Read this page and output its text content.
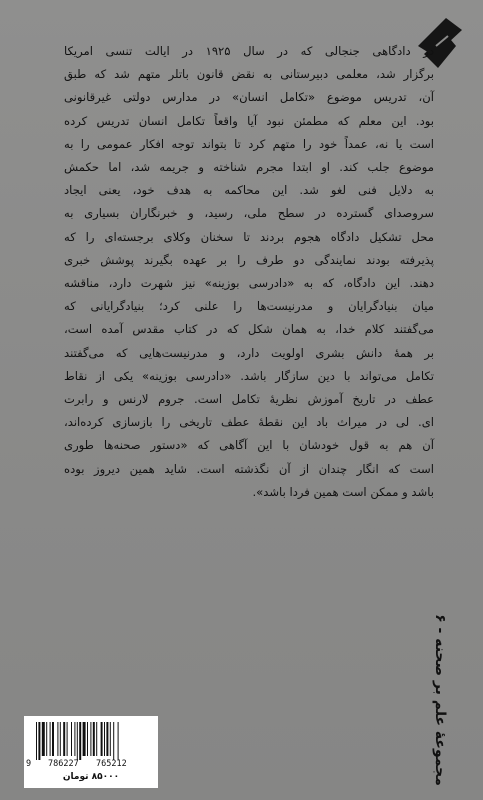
در دادگاهی جنجالی که در سال ۱۹۲۵ در ایالت تنسی امریکا
برگزار شد، معلمی دبیرستانی به نقض قانون باتلر متهم شد که طبق
آن، تدریس موضوع «تکامل انسان» در مدارس دولتی غیرقانونی
بود. این معلم که مطمئن نبود آیا واقعاً تکامل انسان تدریس کرده
است یا نه، عمداً خود را متهم کرد تا بتواند توجه افکار عمومی را به
موضوع جلب کند. او ابتدا مجرم شناخته و جریمه شد، اما حکمش
به دلایل فنی لغو شد. این محاکمه به هدف خود، یعنی ایجاد
سروصدای گسترده در سطح ملی، رسید، و خبرنگاران بسیاری به
محل تشکیل دادگاه هجوم بردند تا سخنان وکلای برجسته‌ای را که
پذیرفته بودند نمایندگی دو طرف را بر عهده بگیرند پوشش خبری
دهند. این دادگاه، که به «دادرسی بوزینه» نیز شهرت دارد، مناقشه
میان بنیادگرایان و مدرنیست‌ها را علنی کرد؛ بنیادگرایانی که
می‌گفتند کلام خدا، به همان شکل که در کتاب مقدس آمده است،
بر همهٔ دانش بشری اولویت دارد، و مدرنیست‌هایی که می‌گفتند
تکامل می‌تواند با دین سازگار باشد. «دادرسی بوزینه» یکی از نقاط
عطف در تاریخ آموزش نظریهٔ تکامل است. جروم لارنس و رابرت
ای. لی در میراث باد این نقطهٔ عطف تاریخی را بازسازی کرده‌اند،
آن هم به قول خودشان با این آگاهی که «دستور صحنه‌ها طوری
است که انگار چندان از آن نگذشته است. شاید همین دیروز بوده
باشد و ممکن است همین فردا باشد».
مجموعهٔ علم بر صحنه - ۶
9 786227 765212
۸۵۰۰۰ تومان
